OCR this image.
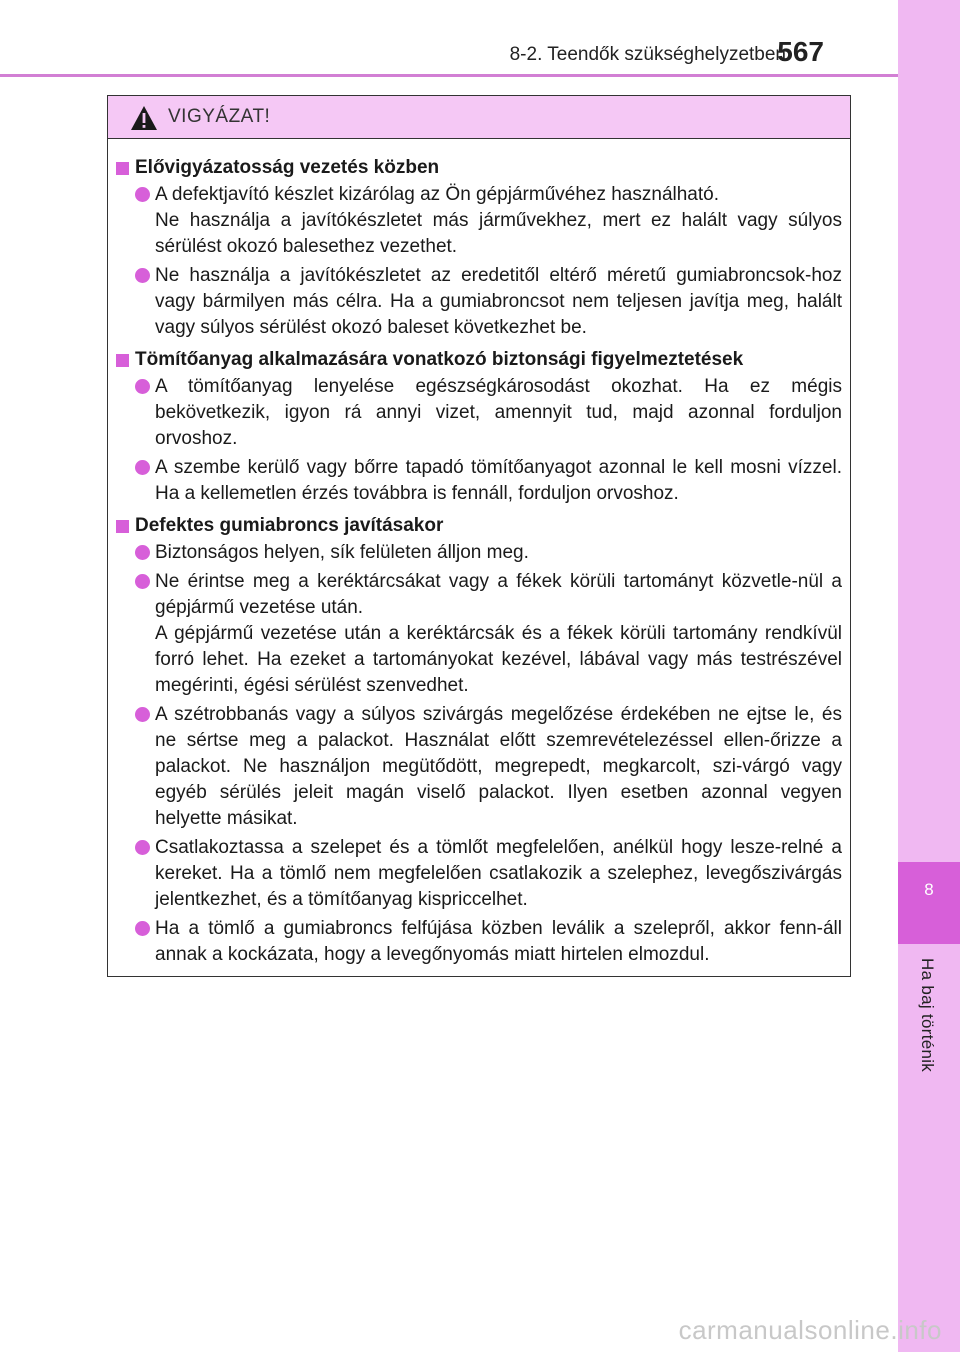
8
Ha baj történik
8-2. Teendők szükséghelyzetben
567
VIGYÁZAT!
Elővigyázatosság vezetés közben

A defektjavító készlet kizárólag az Ön gépjárművéhez használható.

Ne használja a javítókészletet más járművekhez, mert ez halált vagy súlyos sérülést okozó balesethez vezethet.

Ne használja a javítókészletet az eredetitől eltérő méretű gumiabroncsok-hoz vagy bármilyen más célra. Ha a gumiabroncsot nem teljesen javítja meg, halált vagy súlyos sérülést okozó baleset következhet be.

Tömítőanyag alkalmazására vonatkozó biztonsági figyelmeztetések

A tömítőanyag lenyelése egészségkárosodást okozhat. Ha ez mégis bekövetkezik, igyon rá annyi vizet, amennyit tud, majd azonnal forduljon orvoshoz.

A szembe kerülő vagy bőrre tapadó tömítőanyagot azonnal le kell mosni vízzel. Ha a kellemetlen érzés továbbra is fennáll, forduljon orvoshoz.

Defektes gumiabroncs javításakor

Biztonságos helyen, sík felületen álljon meg.

Ne érintse meg a keréktárcsákat vagy a fékek körüli tartományt közvetle-nül a gépjármű vezetése után.

A gépjármű vezetése után a keréktárcsák és a fékek körüli tartomány rendkívül forró lehet. Ha ezeket a tartományokat kezével, lábával vagy más testrészével megérinti, égési sérülést szenvedhet.

A szétrobbanás vagy a súlyos szivárgás megelőzése érdekében ne ejtse le, és ne sértse meg a palackot. Használat előtt szemrevételezéssel ellen-őrizze a palackot. Ne használjon megütődött, megrepedt, megkarcolt, szi-várgó vagy egyéb sérülés jeleit magán viselő palackot. Ilyen esetben azonnal vegyen helyette másikat.

Csatlakoztassa a szelepet és a tömlőt megfelelően, anélkül hogy lesze-relné a kereket. Ha a tömlő nem megfelelően csatlakozik a szelephez, levegőszivárgás jelentkezhet, és a tömítőanyag kispriccelhet.

Ha a tömlő a gumiabroncs felfújása közben leválik a szelepről, akkor fenn-áll annak a kockázata, hogy a levegőnyomás miatt hirtelen elmozdul.

carmanualsonline.info
